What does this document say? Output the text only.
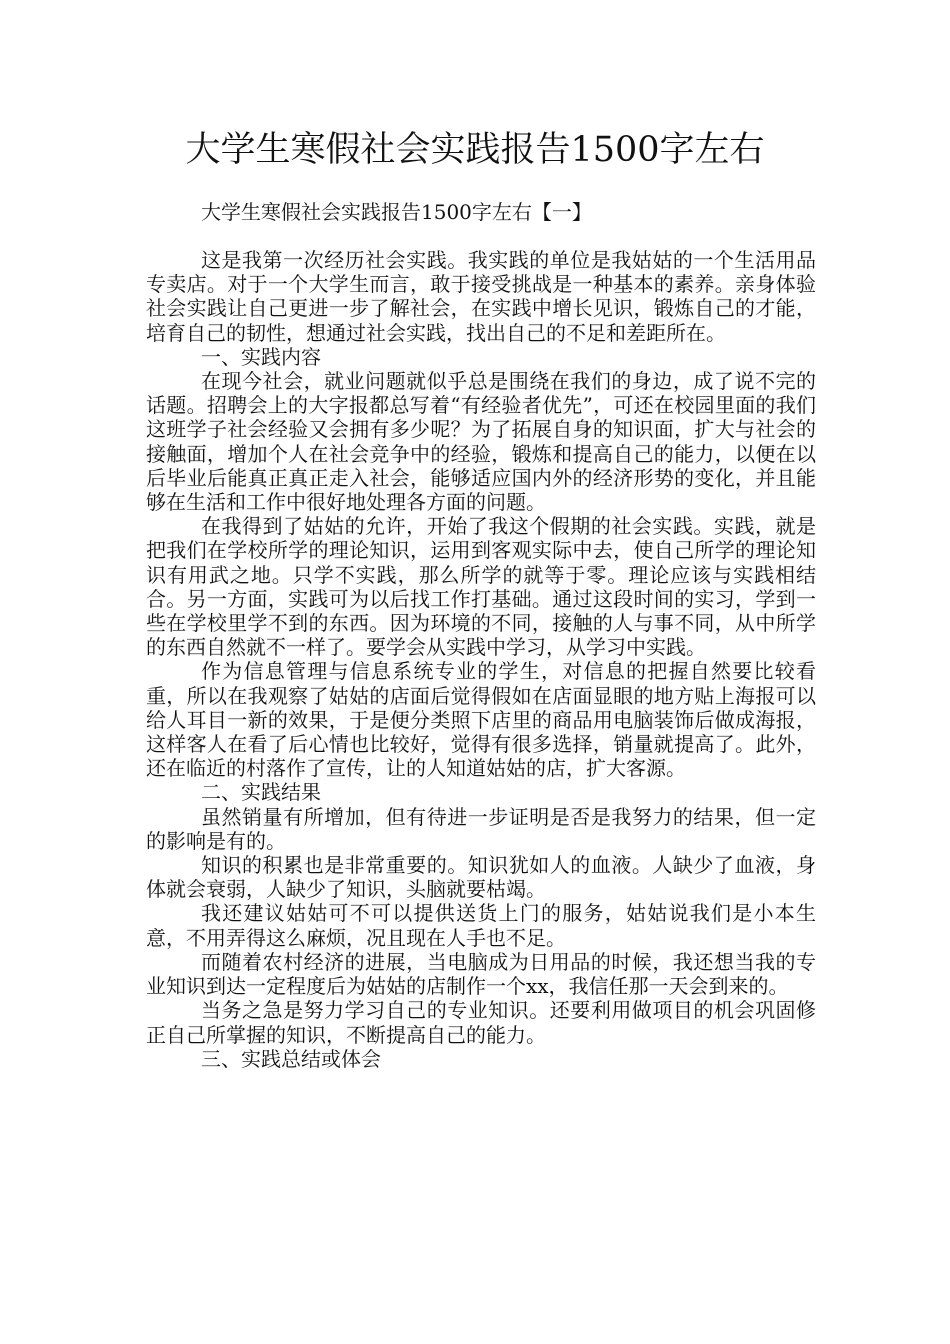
大学生寒假社会实践报告1500字左右
大学生寒假社会实践报告1500字左右【一】

这是我第一次经历社会实践。我实践的单位是我姑姑的一个生活用品专卖店。对于一个大学生而言，敢于接受挑战是一种基本的素养。亲身体验社会实践让自己更进一步了解社会，在实践中增长见识，锻炼自己的才能，培育自己的韧性，想通过社会实践，找出自己的不足和差距所在。

一、实践内容

在现今社会，就业问题就似乎总是围绕在我们的身边，成了说不完的话题。招聘会上的大字报都总写着“有经验者优先”，可还在校园里面的我们这班学子社会经验又会拥有多少呢？为了拓展自身的知识面，扩大与社会的接触面，增加个人在社会竞争中的经验，锻炼和提高自己的能力，以便在以后毕业后能真正真正走入社会，能够适应国内外的经济形势的变化，并且能够在生活和工作中很好地处理各方面的问题。

在我得到了姑姑的允许，开始了我这个假期的社会实践。实践，就是把我们在学校所学的理论知识，运用到客观实际中去，使自己所学的理论知识有用武之地。只学不实践，那么所学的就等于零。理论应该与实践相结合。另一方面，实践可为以后找工作打基础。通过这段时间的实习，学到一些在学校里学不到的东西。因为环境的不同，接触的人与事不同，从中所学的东西自然就不一样了。要学会从实践中学习，从学习中实践。

作为信息管理与信息系统专业的学生，对信息的把握自然要比较看重，所以在我观察了姑姑的店面后觉得假如在店面显眼的地方贴上海报可以给人耳目一新的效果，于是便分类照下店里的商品用电脑装饰后做成海报，这样客人在看了后心情也比较好，觉得有很多选择，销量就提高了。此外，还在临近的村落作了宣传，让的人知道姑姑的店，扩大客源。

二、实践结果

虽然销量有所增加，但有待进一步证明是否是我努力的结果，但一定的影响是有的。

知识的积累也是非常重要的。知识犹如人的血液。人缺少了血液，身体就会衰弱，人缺少了知识，头脑就要枯竭。

我还建议姑姑可不可以提供送货上门的服务，姑姑说我们是小本生意，不用弄得这么麻烦，况且现在人手也不足。

而随着农村经济的进展，当电脑成为日用品的时候，我还想当我的专业知识到达一定程度后为姑姑的店制作一个xx，我信任那一天会到来的。

当务之急是努力学习自己的专业知识。还要利用做项目的机会巩固修正自己所掌握的知识，不断提高自己的能力。

三、实践总结或体会
